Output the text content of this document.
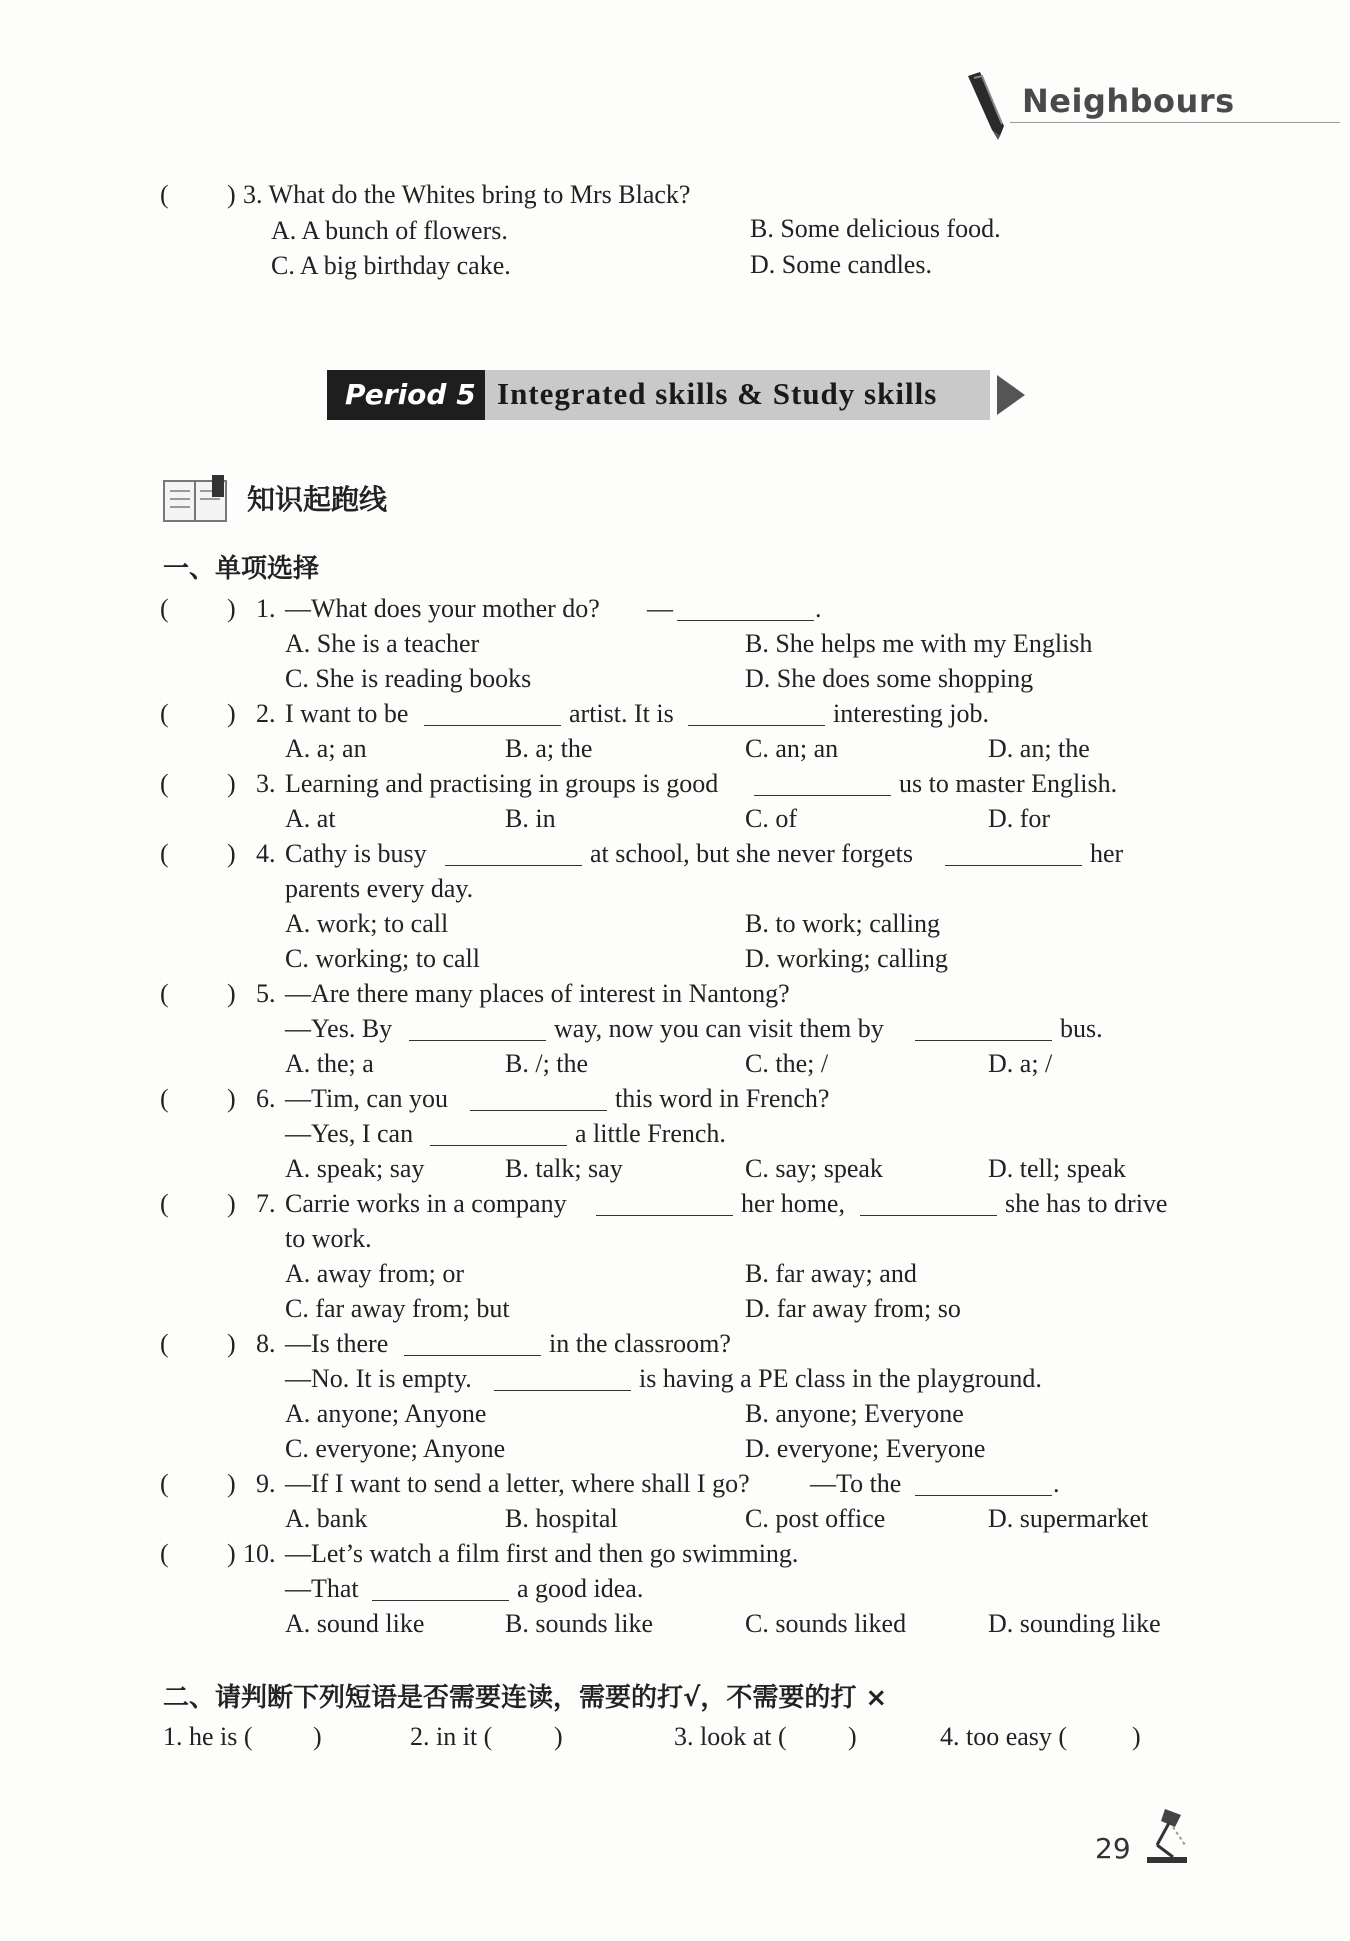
Neighbours
( ) 3. What do the Whites bring to Mrs Black?
A. A bunch of flowers.	B. Some delicious food.
C. A big birthday cake.	D. Some candles.
Period 5 Integrated skills & Study skills
知识起跑线
一、单项选择
( ) 1. —What does your mother do? —	.
A. She is a teacher	B. She helps me with my English
C. She is reading books	D. She does some shopping
( ) 2. I want to be	artist. It is	interesting job.
A. a; an	B. a; the	C. an; an	D. an; the
( ) 3. Learning and practising in groups is good	us to master English.
A. at	B. in	C. of	D. for
( ) 4. Cathy is busy	at school, but she never forgets	her
parents every day.
A. work; to call	B. to work; calling
C. working; to call	D. working; calling
( ) 5. —Are there many places of interest in Nantong?
—Yes. By	way, now you can visit them by	bus.
A. the; a	B. /; the	C. the; /	D. a; /
( ) 6. —Tim, can you	this word in French?
—Yes, I can	a little French.
A. speak; say	B. talk; say	C. say; speak	D. tell; speak
( ) 7. Carrie works in a company	her home,	she has to drive
to work.
A. away from; or	B. far away; and
C. far away from; but	D. far away from; so
( ) 8. —Is there	in the classroom?
—No. It is empty.	is having a PE class in the playground.
A. anyone; Anyone	B. anyone; Everyone
C. everyone; Anyone	D. everyone; Everyone
( ) 9. —If I want to send a letter, where shall I go? —To the	.
A. bank	B. hospital	C. post office	D. supermarket
( ) 10. —Let’s watch a film first and then go swimming.
—That	a good idea.
A. sound like	B. sounds like	C. sounds liked	D. sounding like
二、请判断下列短语是否需要连读，需要的打√，不需要的打 ×
1. he is ( )	2. in it ( )	3. look at ( )	4. too easy ( )
29
